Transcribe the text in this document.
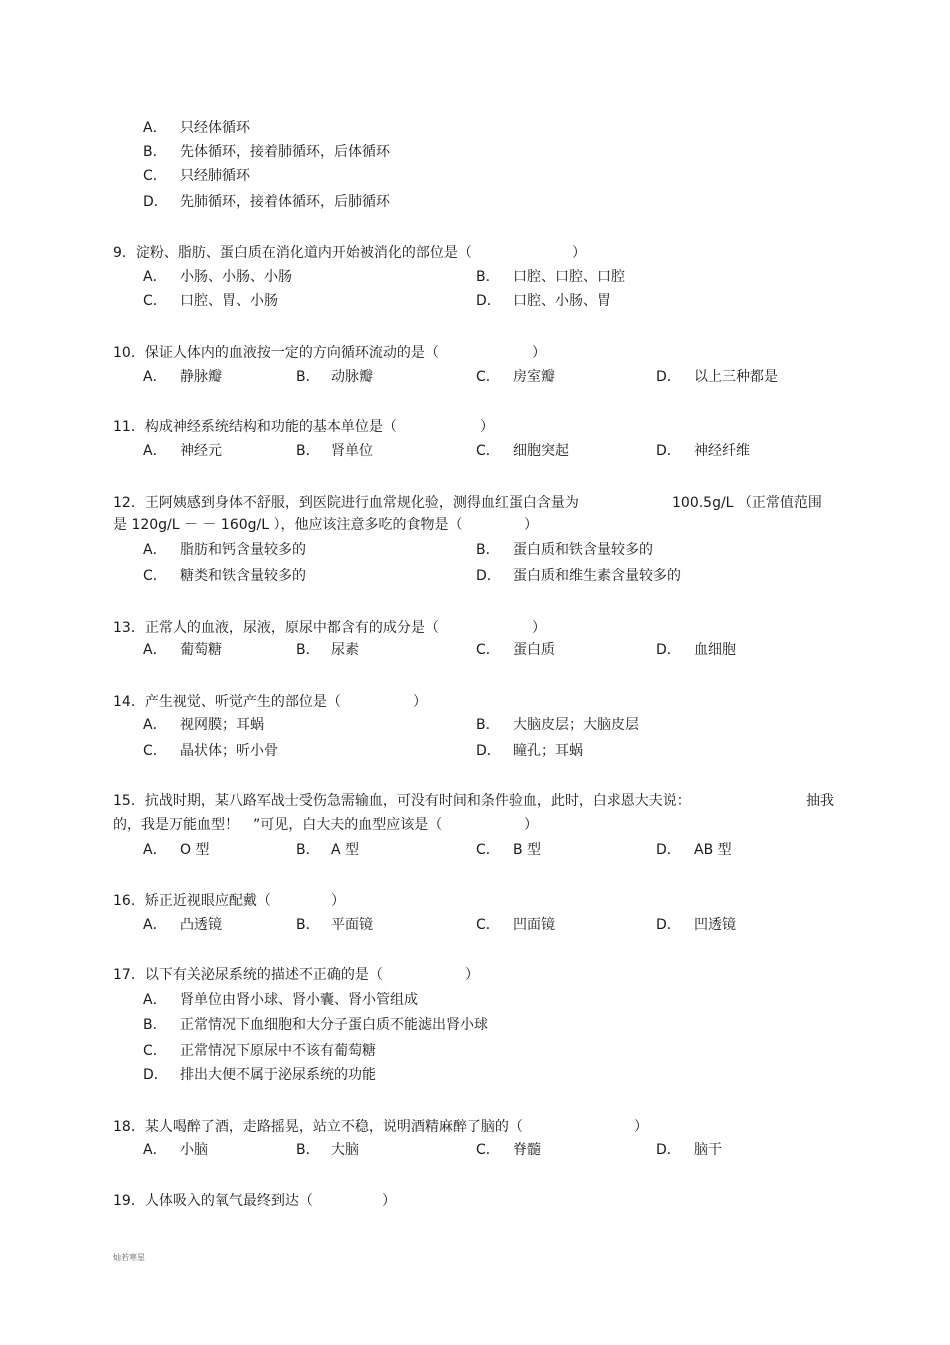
A． 只经体循环
B． 先体循环，接着肺循环，后体循环
C． 只经肺循环
D． 先肺循环，接着体循环，后肺循环
9．淀粉、脂肪、蛋白质在消化道内开始被消化的部位是（	）
A． 小肠、小肠、小肠	B． 口腔、口腔、口腔
C． 口腔、胃、小肠	D． 口腔、小肠、胃
10．保证人体内的血液按一定的方向循环流动的是（	）
A． 静脉瓣	B． 动脉瓣	C． 房室瓣	D． 以上三种都是
11．构成神经系统结构和功能的基本单位是（	）
A． 神经元	B． 肾单位	C． 细胞突起	D． 神经纤维
12．王阿姨感到身体不舒服，到医院进行血常规化验，测得血红蛋白含量为	100.5g/L （正常值范围
是 120g/L － － 160g/L ），他应该注意多吃的食物是（	）
A． 脂肪和钙含量较多的	B． 蛋白质和铁含量较多的
C． 糖类和铁含量较多的	D． 蛋白质和维生素含量较多的
13．正常人的血液，尿液，原尿中都含有的成分是（	）
A． 葡萄糖	B． 尿素	C． 蛋白质	D． 血细胞
14．产生视觉、听觉产生的部位是（	）
A． 视网膜；耳蜗	B． 大脑皮层；大脑皮层
C． 晶状体；听小骨	D． 瞳孔；耳蜗
15．抗战时期，某八路军战士受伤急需输血，可没有时间和条件验血，此时，白求恩大夫说：	抽我
的，我是万能血型！　”可见，白大夫的血型应该是（	）
A． O 型	B． A 型	C． B 型	D． AB 型
16．矫正近视眼应配戴（	）
A． 凸透镜	B． 平面镜	C． 凹面镜	D． 凹透镜
17．以下有关泌尿系统的描述不正确的是（	）
A． 肾单位由肾小球、肾小囊、肾小管组成
B． 正常情况下血细胞和大分子蛋白质不能滤出肾小球
C． 正常情况下原尿中不该有葡萄糖
D． 排出大便不属于泌尿系统的功能
18．某人喝醉了酒，走路摇晃，站立不稳，说明酒精麻醉了脑的（	）
A． 小脑	B． 大脑	C． 脊髓	D． 脑干
19．人体吸入的氧气最终到达（	）
灿若寒星
